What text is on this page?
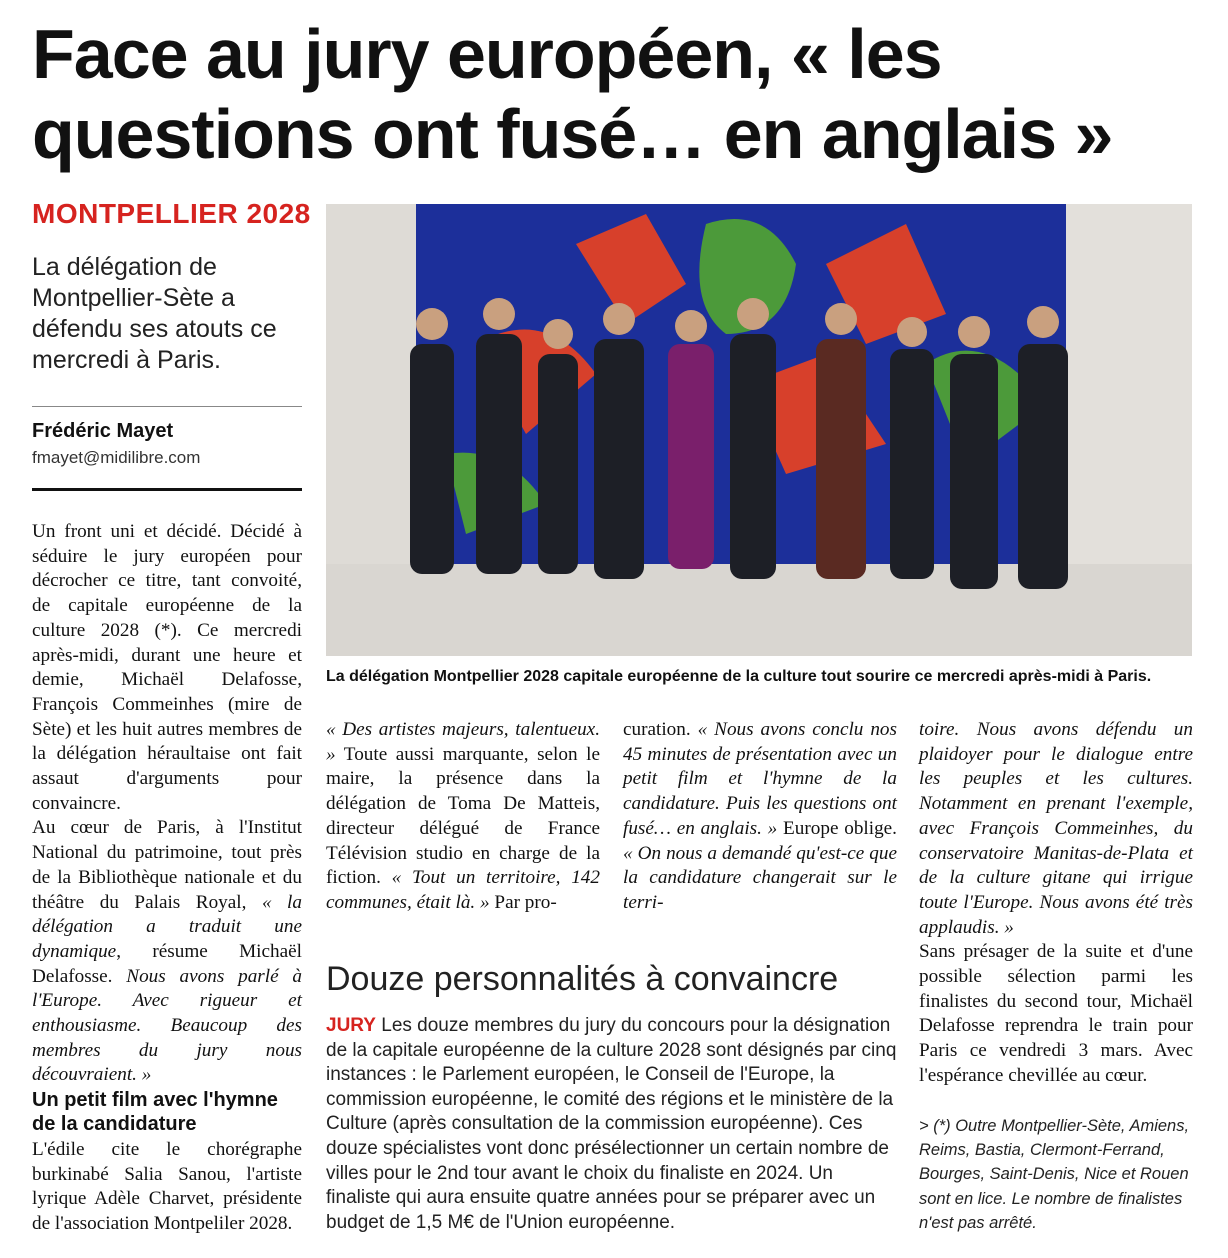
Face au jury européen, « les questions ont fusé… en anglais »
MONTPELLIER 2028
La délégation de Montpellier-Sète a défendu ses atouts ce mercredi à Paris.
Frédéric Mayet
fmayet@midilibre.com
La délégation Montpellier 2028 capitale européenne de la culture tout sourire ce mercredi après-midi à Paris.

Un front uni et décidé. Décidé à séduire le jury européen pour décrocher ce titre, tant convoité, de capitale européenne de la culture 2028 (*). Ce mercredi après-midi, durant une heure et demie, Michaël Delafosse, François Commeinhes (mire de Sète) et les huit autres membres de la délégation héraultaise ont fait assaut d'arguments pour convaincre.

Au cœur de Paris, à l'Institut National du patrimoine, tout près de la Bibliothèque nationale et du théâtre du Palais Royal, « la délégation a traduit une dynamique, résume Michaël Delafosse. Nous avons parlé à l'Europe. Avec rigueur et enthousiasme. Beaucoup des membres du jury nous découvraient. »

Un petit film avec l'hymne de la candidature

L'édile cite le chorégraphe burkinabé Salia Sanou, l'artiste lyrique Adèle Charvet, présidente de l'association Montpeliler 2028.

« Des artistes majeurs, talentueux. » Toute aussi marquante, selon le maire, la présence dans la délégation de Toma De Matteis, directeur délégué de France Télévision studio en charge de la fiction. « Tout un territoire, 142 communes, était là. » Par pro-

curation. « Nous avons conclu nos 45 minutes de présentation avec un petit film et l'hymne de la candidature. Puis les questions ont fusé… en anglais. » Europe oblige. « On nous a demandé qu'est-ce que la candidature changerait sur le terri-

toire. Nous avons défendu un plaidoyer pour le dialogue entre les peuples et les cultures. Notamment en prenant l'exemple, avec François Commeinhes, du conservatoire Manitas-de-Plata et de la culture gitane qui irrigue toute l'Europe. Nous avons été très applaudis. »

Sans présager de la suite et d'une possible sélection parmi les finalistes du second tour, Michaël Delafosse reprendra le train pour Paris ce vendredi 3 mars. Avec l'espérance chevillée au cœur.

Douze personnalités à convaincre
JURY Les douze membres du jury du concours pour la désignation de la capitale européenne de la culture 2028 sont désignés par cinq instances : le Parlement européen, le Conseil de l'Europe, la commission européenne, le comité des régions et le ministère de la Culture (après consultation de la commission européenne). Ces douze spécialistes vont donc présélectionner un certain nombre de villes pour le 2nd tour avant le choix du finaliste en 2024. Un finaliste qui aura ensuite quatre années pour se préparer avec un budget de 1,5 M€ de l'Union européenne.
> (*) Outre Montpellier-Sète, Amiens, Reims, Bastia, Clermont-Ferrand, Bourges, Saint-Denis, Nice et Rouen sont en lice. Le nombre de finalistes n'est pas arrêté.
